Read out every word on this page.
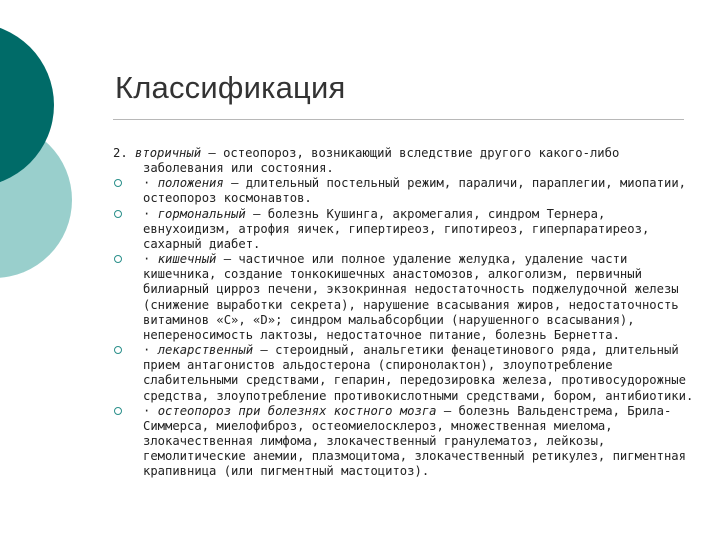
Классификация

2. вторичный – остеопороз, возникающий вследствие другого какого-либо заболевания или состояния.

· положения – длительный постельный режим, параличи, параплегии, миопатии, остеопороз космонавтов.
· гормональный – болезнь Кушинга, акромегалия, синдром Тернера, евнухоидизм, атрофия яичек, гипертиреоз, гипотиреоз, гиперпаратиреоз, сахарный диабет.
· кишечный – частичное или полное удаление желудка, удаление части кишечника, создание тонкокишечных анастомозов, алкоголизм, первичный билиарный цирроз печени, экзокринная недостаточность поджелудочной железы (снижение выработки секрета), нарушение всасывания жиров, недостаточность витаминов «С», «D»; синдром мальабсорбции (нарушенного всасывания), непереносимость лактозы, недостаточное питание, болезнь Бернетта.
· лекарственный – стероидный, анальгетики фенацетинового ряда, длительный прием антагонистов альдостерона (спиронолактон), злоупотребление слабительными средствами, гепарин, передозировка железа, противосудорожные средства, злоупотребление противокислотными средствами, бором, антибиотики.
· остеопороз при болезнях костного мозга – болезнь Вальденстрема, Брила-Симмерса, миелофиброз, остеомиелосклероз, множественная миелома, злокачественная лимфома, злокачественный гранулематоз, лейкозы, гемолитические анемии, плазмоцитома, злокачественный ретикулез, пигментная крапивница (или пигментный мастоцитоз).
